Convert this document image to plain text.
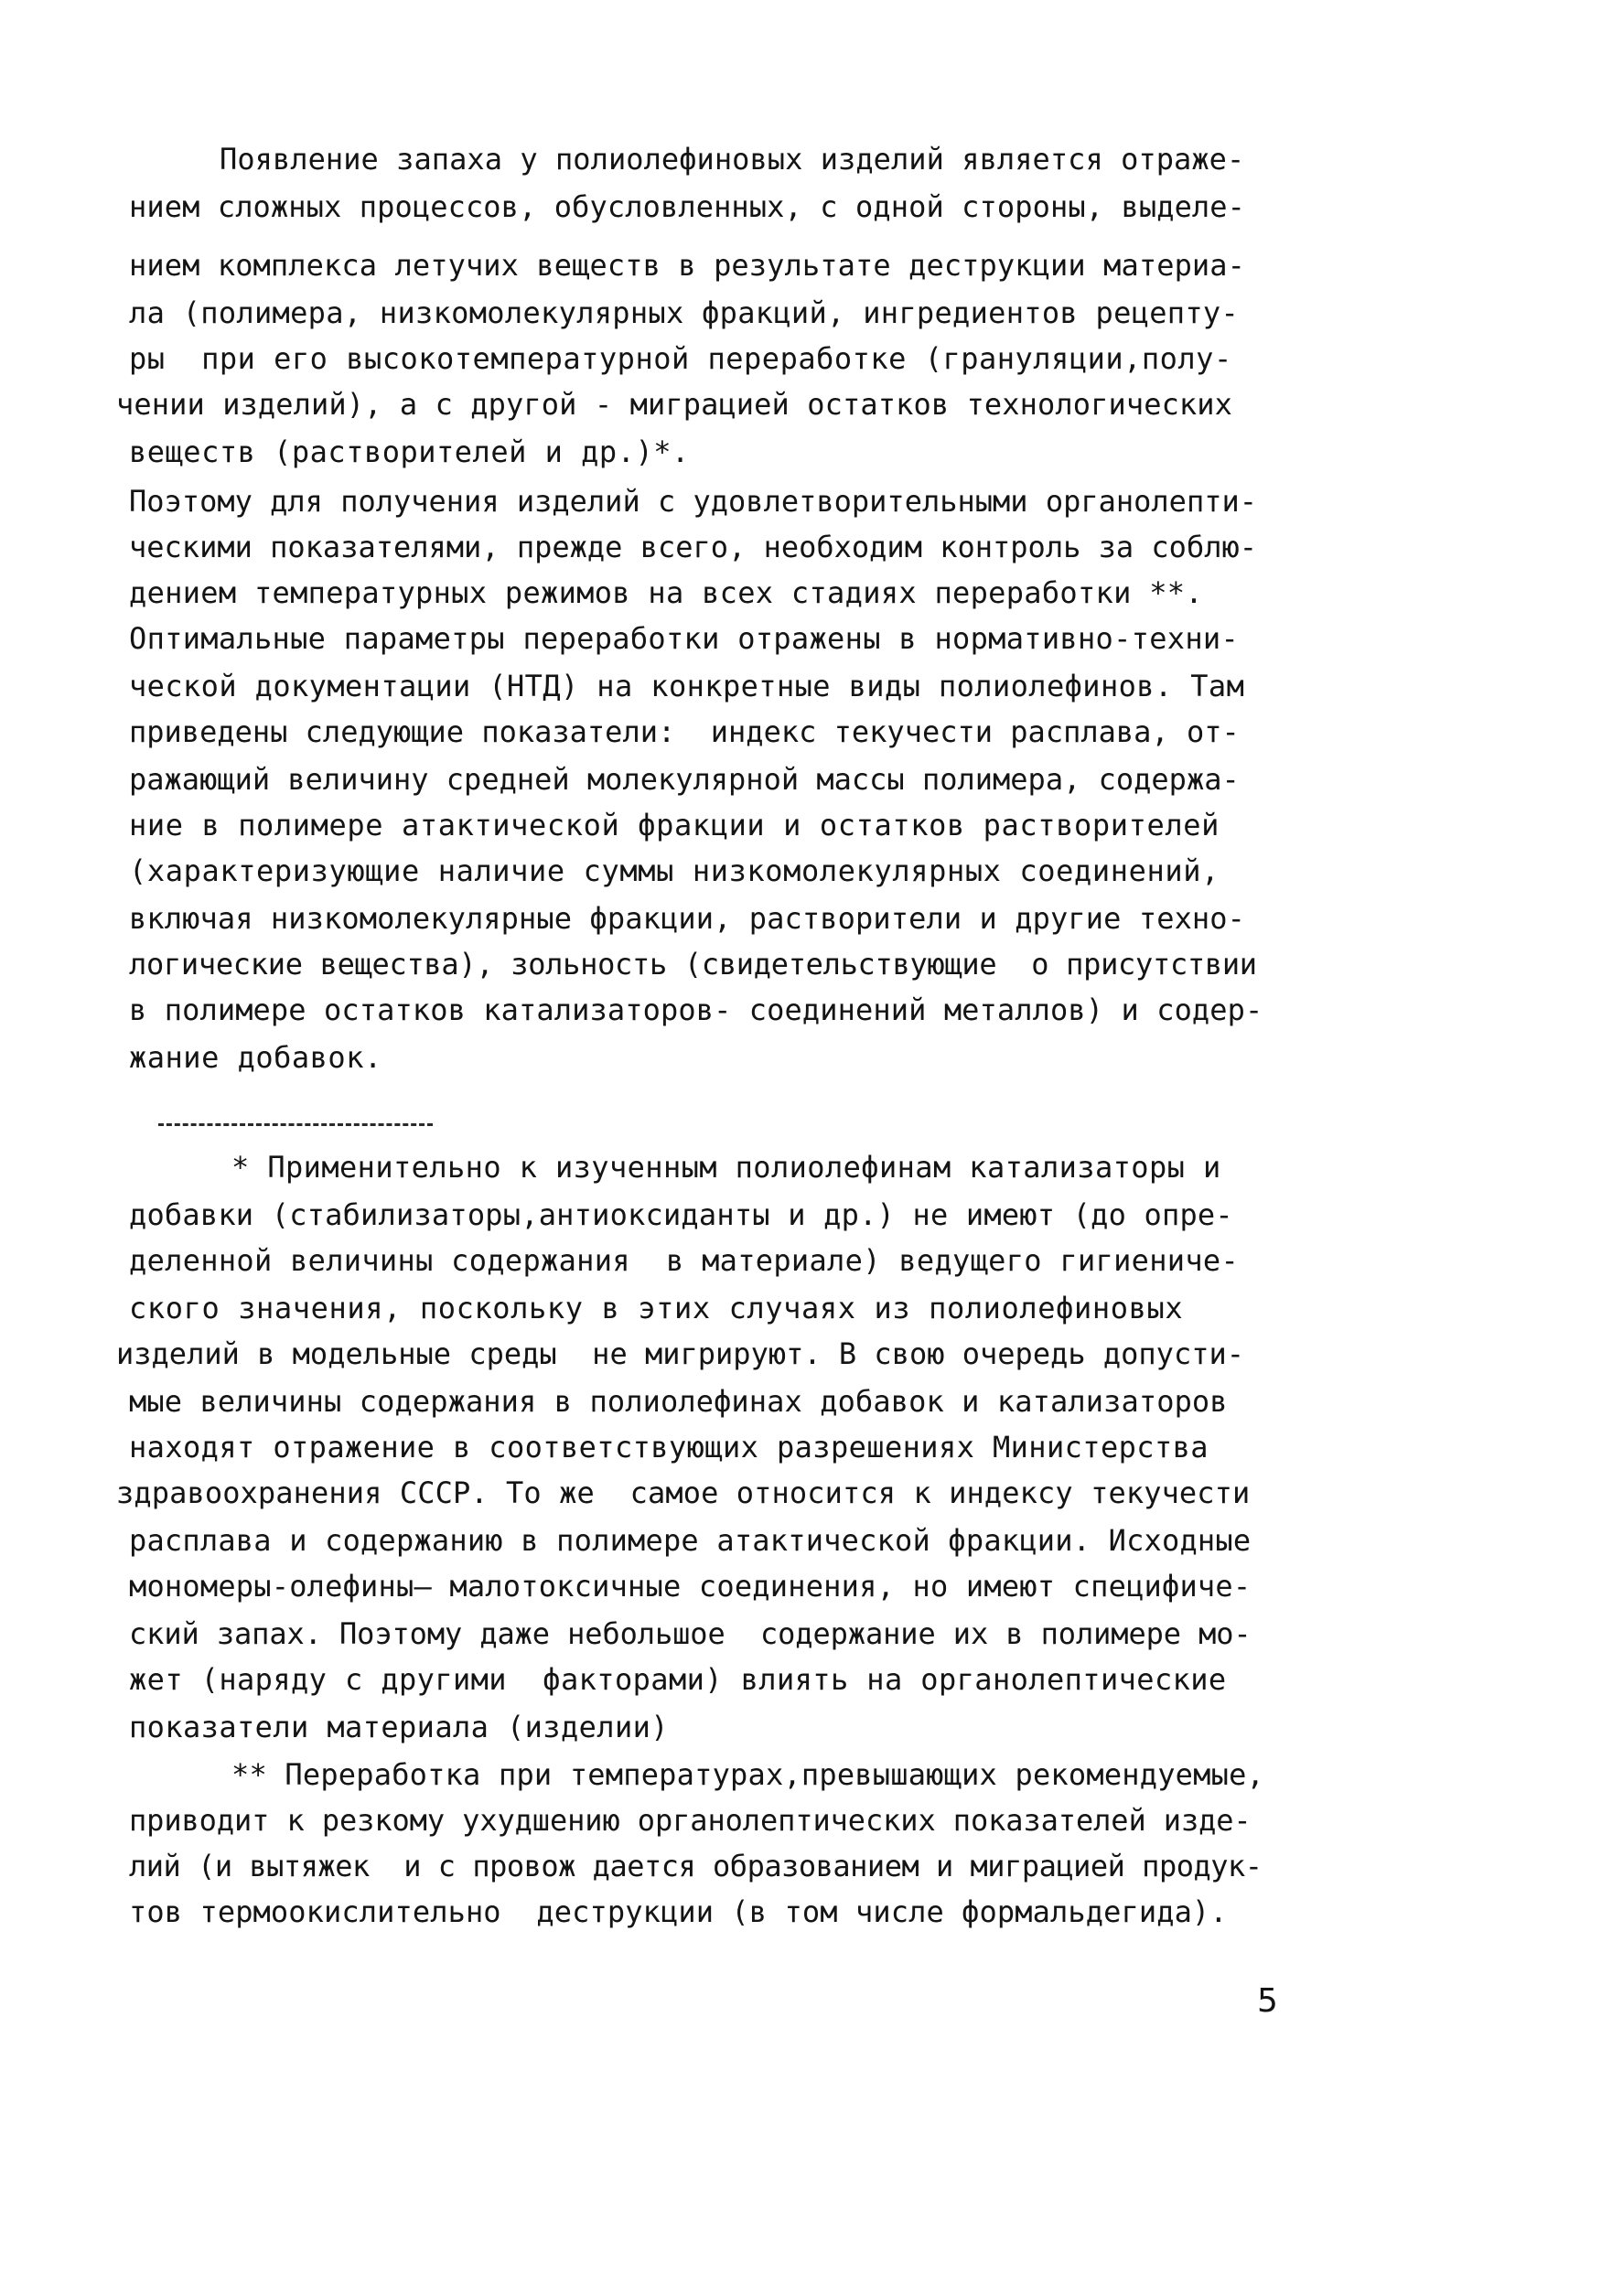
Появление запаха у полиолефиновых изделий является отраже-
нием сложных процессов, обусловленных, с одной стороны, выделе-
нием комплекса летучих веществ в результате деструкции материа-
ла (полимера, низкомолекулярных фракций, ингредиентов рецепту-
ры  при его высокотемпературной переработке (грануляции,полу-
чении изделий), а с другой - миграцией остатков технологических
веществ (растворителей и др.)*.
Поэтому для получения изделий с удовлетворительными органолепти-
ческими показателями, прежде всего, необходим контроль за соблю-
дением температурных режимов на всех стадиях переработки **.
Оптимальные параметры переработки отражены в нормативно-техни-
ческой документации (НТД) на конкретные виды полиолефинов. Там
приведены следующие показатели:  индекс текучести расплава, от-
ражающий величину средней молекулярной массы полимера, содержа-
ние в полимере атактической фракции и остатков растворителей
(характеризующие наличие суммы низкомолекулярных соединений,
включая низкомолекулярные фракции, растворители и другие техно-
логические вещества), зольность (свидетельствующие  о присутствии
в полимере остатков катализаторов- соединений металлов) и содер-
жание добавок.
* Применительно к изученным полиолефинам катализаторы и
добавки (стабилизаторы,антиоксиданты и др.) не имеют (до опре-
деленной величины содержания  в материале) ведущего гигиениче-
ского значения, поскольку в этих случаях из полиолефиновых
изделий в модельные среды  не мигрируют. В свою очередь допусти-
мые величины содержания в полиолефинах добавок и катализаторов
находят отражение в соответствующих разрешениях Министерства
здравоохранения СССР. То же  самое относится к индексу текучести
расплава и содержанию в полимере атактической фракции. Исходные
мономеры-олефины— малотоксичные соединения, но имеют специфиче-
ский запах. Поэтому даже небольшое  содержание их в полимере мо-
жет (наряду с другими  факторами) влиять на органолептические
показатели материала (изделии)
** Переработка при температурах,превышающих рекомендуемые,
приводит к резкому ухудшению органолептических показателей изде-
лий (и вытяжек  и с провож дается образованием и миграцией продук-
тов термоокислительно  деструкции (в том числе формальдегида).
5
